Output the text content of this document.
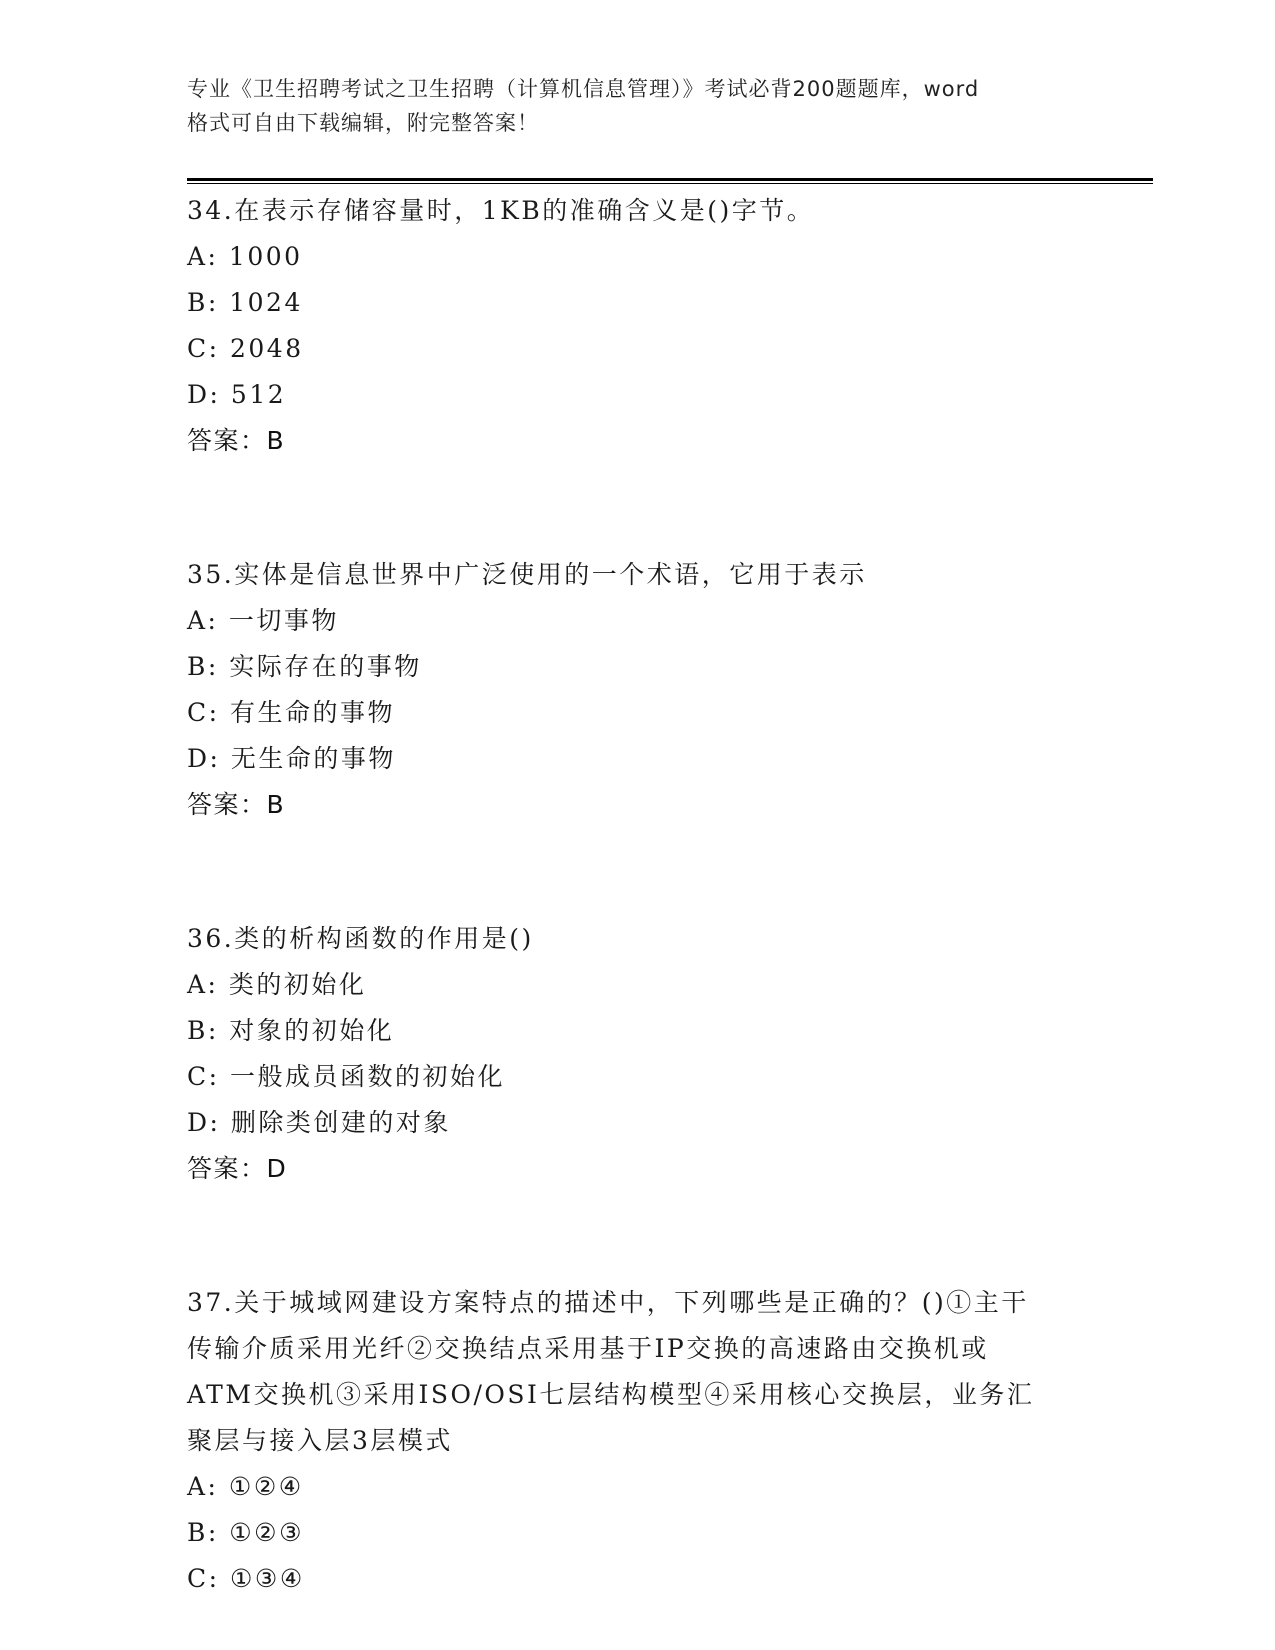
专业《卫生招聘考试之卫生招聘（计算机信息管理）》考试必背200题题库，word
格式可自由下载编辑，附完整答案！
34.在表示存储容量时，1KB的准确含义是()字节。
A: 1000
B: 1024
C: 2048
D: 512
答案：B
35.实体是信息世界中广泛使用的一个术语，它用于表示
A: 一切事物
B: 实际存在的事物
C: 有生命的事物
D: 无生命的事物
答案：B
36.类的析构函数的作用是()
A: 类的初始化
B: 对象的初始化
C: 一般成员函数的初始化
D: 删除类创建的对象
答案：D
37.关于城域网建设方案特点的描述中，下列哪些是正确的？()①主干
传输介质采用光纤②交换结点采用基于IP交换的高速路由交换机或
ATM交换机③采用ISO/OSI七层结构模型④采用核心交换层，业务汇
聚层与接入层3层模式
A: ①②④
B: ①②③
C: ①③④
